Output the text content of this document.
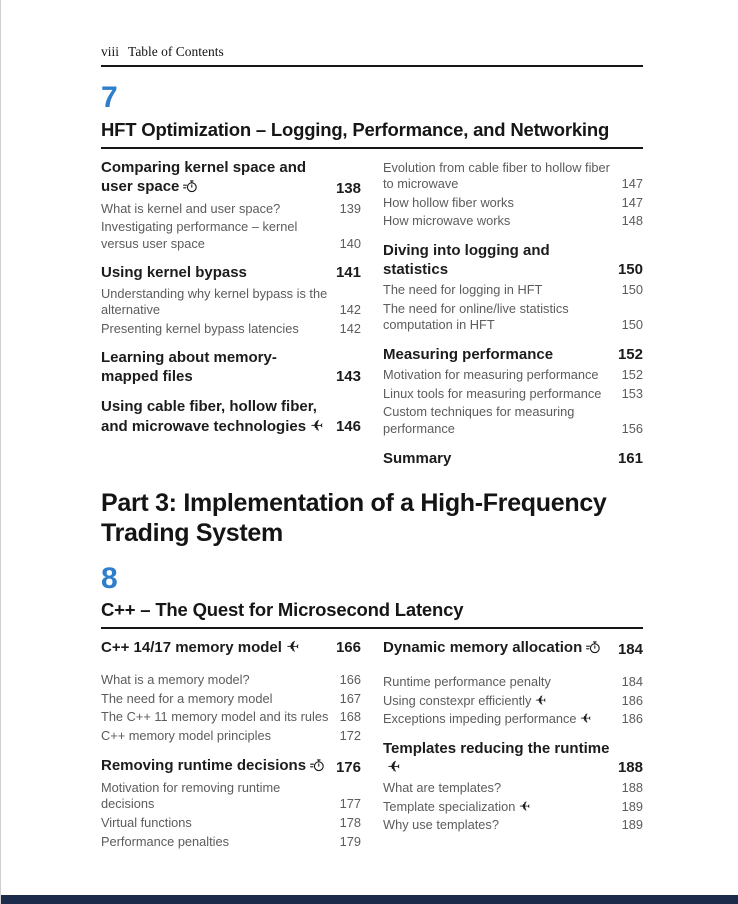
viii Table of Contents
7
HFT Optimization – Logging, Performance, and Networking
Comparing kernel space and user space	138
What is kernel and user space?	139
Investigating performance – kernel versus user space	140
Using kernel bypass	141
Understanding why kernel bypass is the alternative	142
Presenting kernel bypass latencies	142
Learning about memory-mapped files	143
Using cable fiber, hollow fiber, and microwave technologies ✈ 146
Evolution from cable fiber to hollow fiber to microwave	147
How hollow fiber works	147
How microwave works	148
Diving into logging and statistics	150
The need for logging in HFT	150
The need for online/live statistics computation in HFT	150
Measuring performance	152
Motivation for measuring performance	152
Linux tools for measuring performance	153
Custom techniques for measuring performance	156
Summary	161
Part 3: Implementation of a High-Frequency Trading System
8
C++ – The Quest for Microsecond Latency
C++ 14/17 memory model ✈	166
What is a memory model?	166
The need for a memory model	167
The C++ 11 memory model and its rules 168
C++ memory model principles	172
Removing runtime decisions	176
Motivation for removing runtime decisions	177
Virtual functions	178
Performance penalties	179
Dynamic memory allocation	184
Runtime performance penalty	184
Using constexpr efficiently ✈	186
Exceptions impeding performance ✈	186
Templates reducing the runtime✈	188
What are templates?	188
Template specialization ✈	189
Why use templates?	189
